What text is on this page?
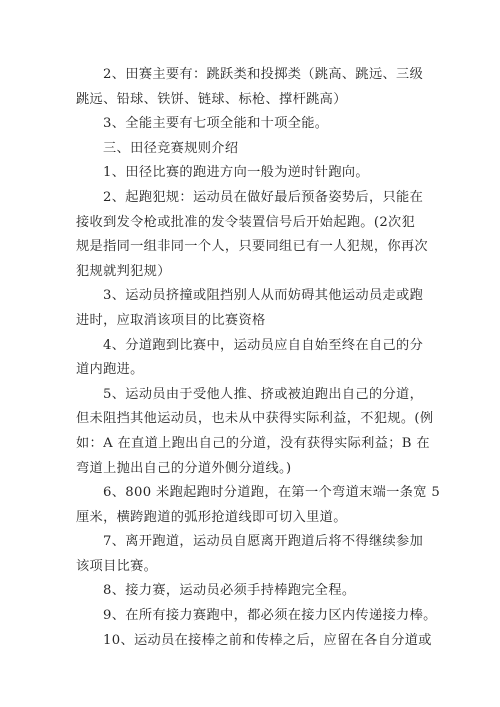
2、田赛主要有：跳跃类和投掷类（跳高、跳远、三级
跳远、铅球、铁饼、链球、标枪、撑杆跳高）
3、全能主要有七项全能和十项全能。
三、田径竞赛规则介绍
1、田径比赛的跑进方向一般为逆时针跑向。
2、起跑犯规：运动员在做好最后预备姿势后，只能在
接收到发令枪或批准的发令装置信号后开始起跑。(2次犯
规是指同一组非同一个人，只要同组已有一人犯规，你再次
犯规就判犯规）
3、运动员挤撞或阻挡别人从而妨碍其他运动员走或跑
进时，应取消该项目的比赛资格
4、分道跑到比赛中，运动员应自自始至终在自己的分
道内跑进。
5、运动员由于受他人推、挤或被迫跑出自己的分道，
但未阻挡其他运动员，也未从中获得实际利益，不犯规。(例
如：A 在直道上跑出自己的分道，没有获得实际利益；B 在
弯道上抛出自己的分道外侧分道线。)
6、800 米跑起跑时分道跑，在第一个弯道末端一条宽 5
厘米，横跨跑道的弧形抢道线即可切入里道。
7、离开跑道，运动员自愿离开跑道后将不得继续参加
该项目比赛。
8、接力赛，运动员必须手持棒跑完全程。
9、在所有接力赛跑中，都必须在接力区内传递接力棒。
10、运动员在接棒之前和传棒之后，应留在各自分道或
